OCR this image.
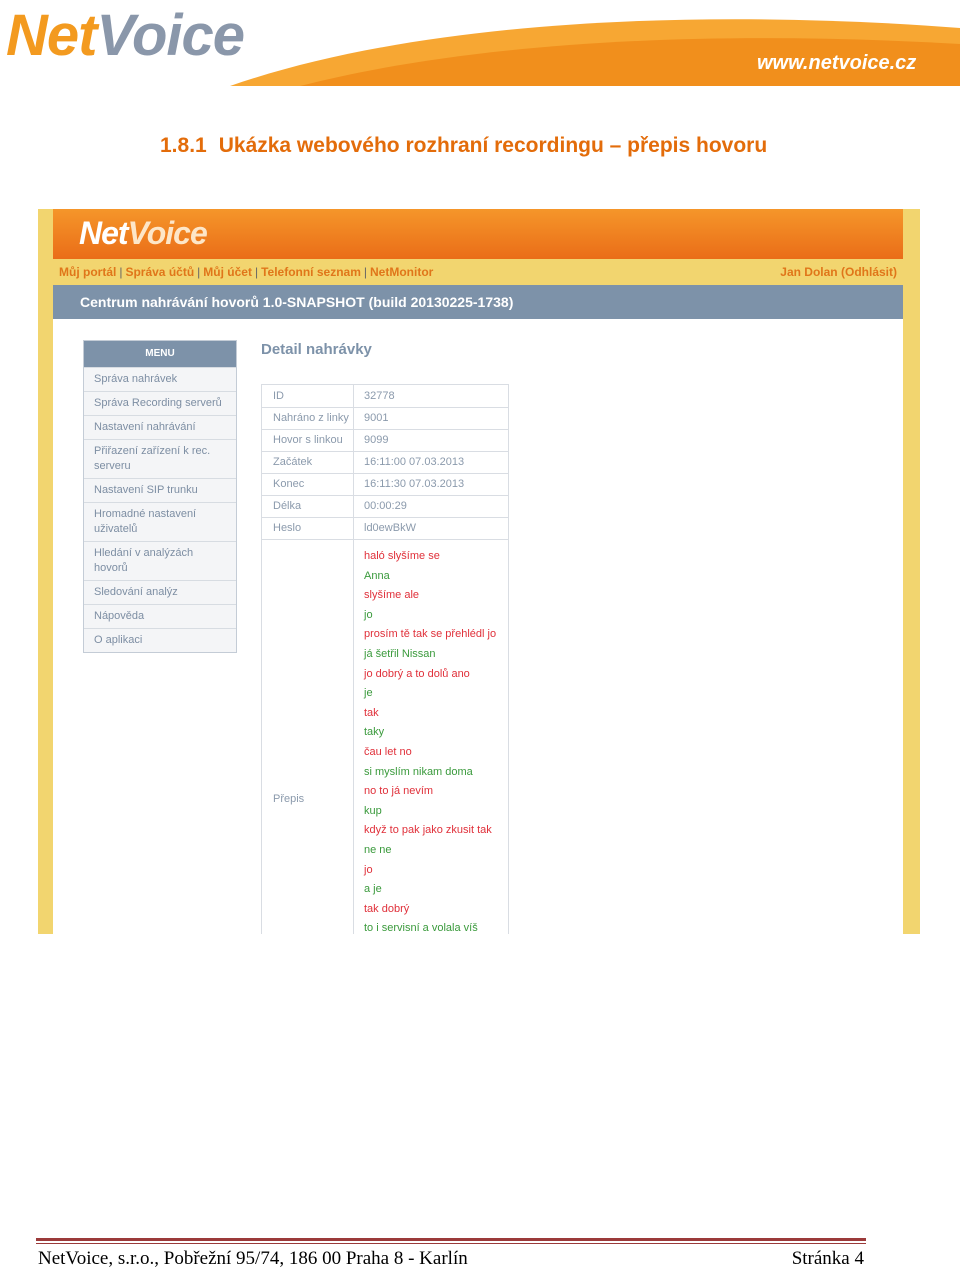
NetVoice	www.netvoice.cz
1.8.1 Ukázka webového rozhraní recordingu – přepis hovoru
NetVoice
Můj portál | Správa účtů | Můj účet | Telefonní seznam | NetMonitor	Jan Dolan (Odhlásit)
Centrum nahrávání hovorů 1.0-SNAPSHOT (build 20130225-1738)
MENU
Správa nahrávek
Správa Recording serverů
Nastavení nahrávání
Přiřazení zařízení k rec. serveru
Nastavení SIP trunku
Hromadné nastavení uživatelů
Hledání v analýzách hovorů
Sledování analýz
Nápověda
O aplikaci
Detail nahrávky
ID	32778
Nahráno z linky 9001
Hovor s linkou 9099
Začátek	16:11:00 07.03.2013
Konec	16:11:30 07.03.2013
Délka	00:00:29
Heslo	ld0ewBkW
Přepis
haló slyšíme se
Anna
slyšíme ale
jo
prosím tě tak se přehlédl jo
já šetřil Nissan
jo dobrý a to dolů ano
je
tak
taky
čau let no
si myslím nikam doma
no to já nevím
kup
když to pak jako zkusit tak
ne ne
jo
a je
tak dobrý
to i servisní a volala víš
NetVoice, s.r.o., Pobřežní 95/74, 186 00 Praha 8 - Karlín	Stránka 4
